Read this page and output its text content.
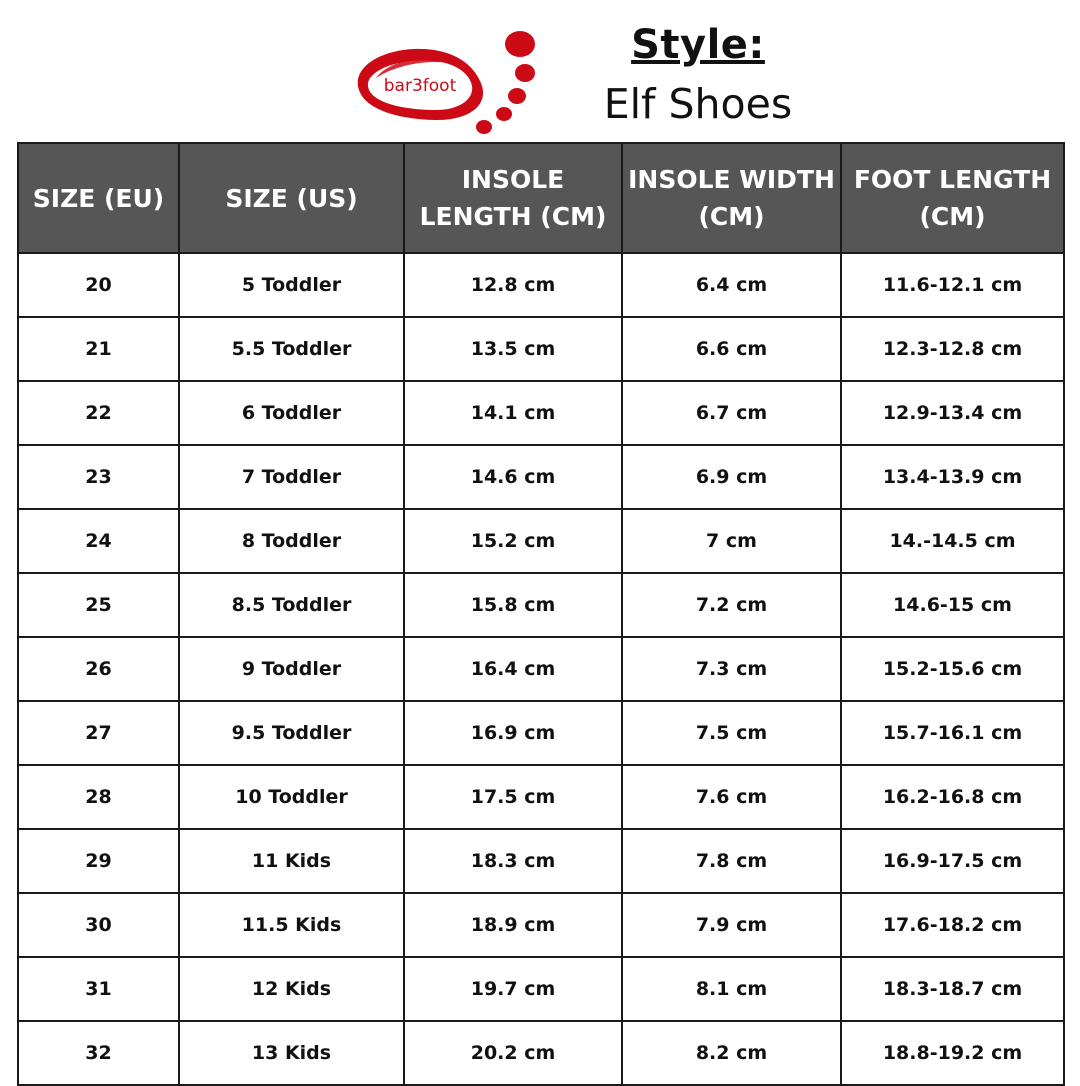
bar3foot
Style:
Elf Shoes
SIZE (EU)	SIZE (US)	INSOLE LENGTH (CM)	INSOLE WIDTH (CM)	FOOT LENGTH (CM)
20	5 Toddler	12.8 cm	6.4 cm	11.6-12.1 cm
21	5.5 Toddler	13.5 cm	6.6 cm	12.3-12.8 cm
22	6 Toddler	14.1 cm	6.7 cm	12.9-13.4 cm
23	7 Toddler	14.6 cm	6.9 cm	13.4-13.9 cm
24	8 Toddler	15.2 cm	7 cm	14.-14.5 cm
25	8.5 Toddler	15.8 cm	7.2 cm	14.6-15 cm
26	9 Toddler	16.4 cm	7.3 cm	15.2-15.6 cm
27	9.5 Toddler	16.9 cm	7.5 cm	15.7-16.1 cm
28	10 Toddler	17.5 cm	7.6 cm	16.2-16.8 cm
29	11 Kids	18.3 cm	7.8 cm	16.9-17.5 cm
30	11.5 Kids	18.9 cm	7.9 cm	17.6-18.2 cm
31	12 Kids	19.7 cm	8.1 cm	18.3-18.7 cm
32	13 Kids	20.2 cm	8.2 cm	18.8-19.2 cm
